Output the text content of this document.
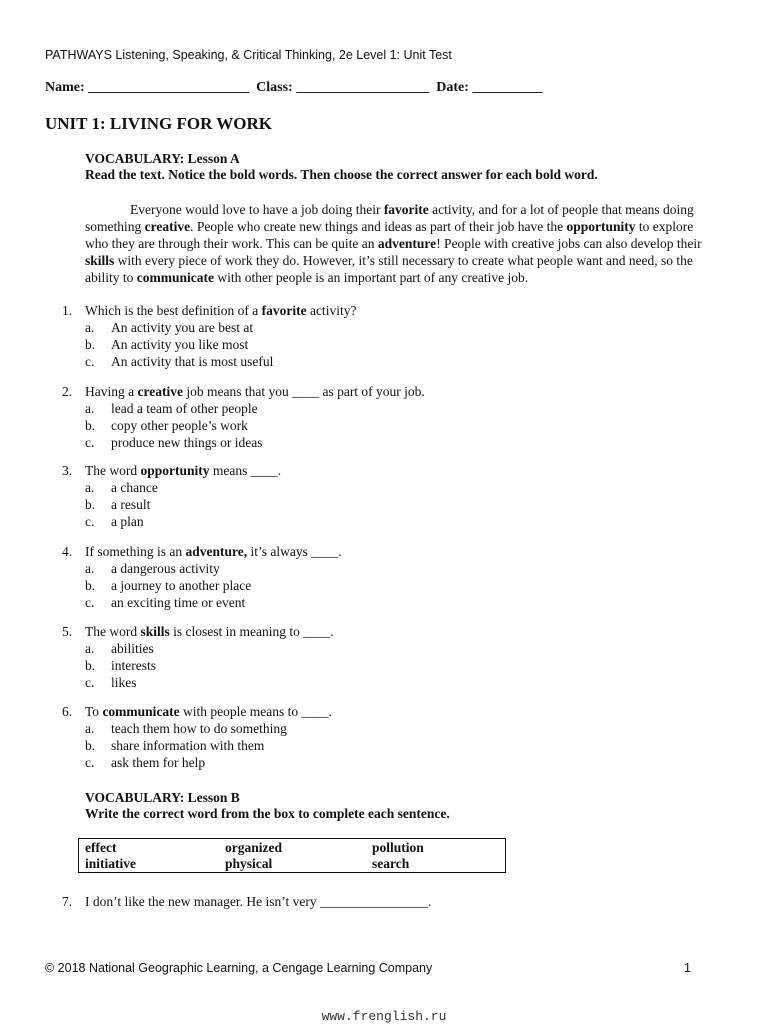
PATHWAYS Listening, Speaking, & Critical Thinking, 2e Level 1: Unit Test
Name: _______________________  Class: ___________________  Date: __________
UNIT 1: LIVING FOR WORK
VOCABULARY: Lesson A
Read the text. Notice the bold words. Then choose the correct answer for each bold word.
Everyone would love to have a job doing their favorite activity, and for a lot of people that means doing
something creative. People who create new things and ideas as part of their job have the opportunity to explore
who they are through their work. This can be quite an adventure! People with creative jobs can also develop their
skills with every piece of work they do. However, it’s still necessary to create what people want and need, so the
ability to communicate with other people is an important part of any creative job.
1. Which is the best definition of a favorite activity?
a. An activity you are best at
b. An activity you like most
c. An activity that is most useful
2. Having a creative job means that you ____ as part of your job.
a. lead a team of other people
b. copy other people’s work
c. produce new things or ideas
3. The word opportunity means ____.
a. a chance
b. a result
c. a plan
4. If something is an adventure, it’s always ____.
a. a dangerous activity
b. a journey to another place
c. an exciting time or event
5. The word skills is closest in meaning to ____.
a. abilities
b. interests
c. likes
6. To communicate with people means to ____.
a. teach them how to do something
b. share information with them
c. ask them for help
VOCABULARY: Lesson B
Write the correct word from the box to complete each sentence.
effect	organized	pollution
initiative	physical	search
7. I don’t like the new manager. He isn’t very ________________.
© 2018 National Geographic Learning, a Cengage Learning Company	1
www.frenglish.ru
